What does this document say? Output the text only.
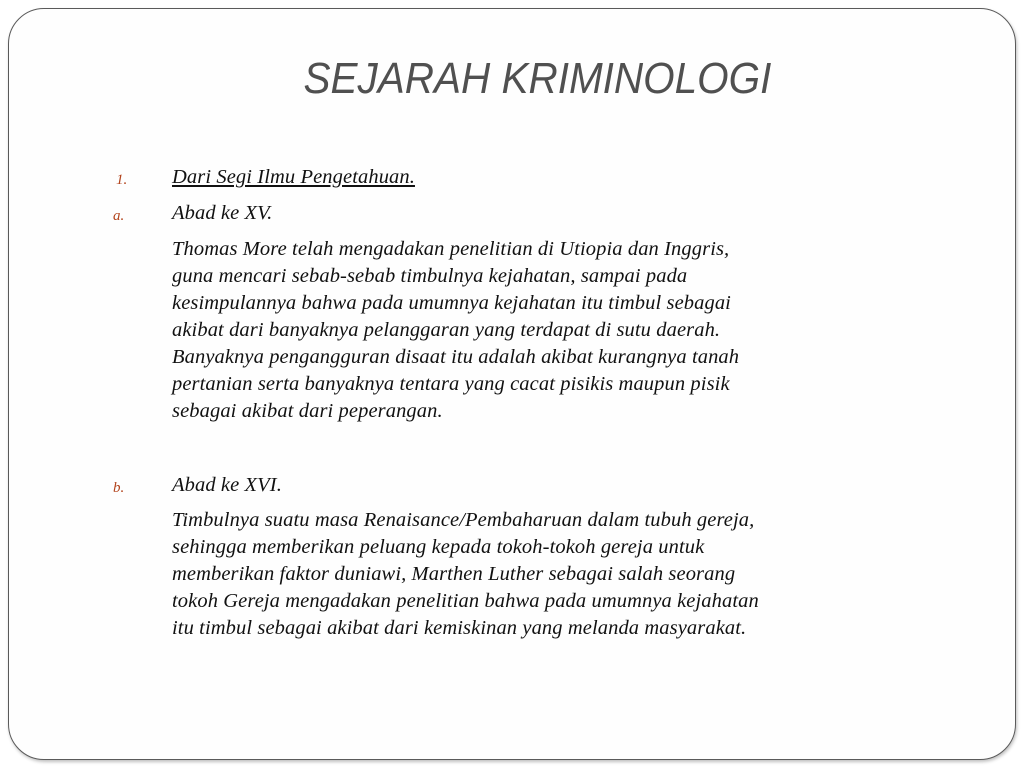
SEJARAH KRIMINOLOGI
1. Dari Segi Ilmu Pengetahuan.
a. Abad ke XV.
Thomas More telah mengadakan penelitian di Utiopia dan Inggris,
guna mencari sebab-sebab timbulnya kejahatan, sampai pada
kesimpulannya bahwa pada umumnya kejahatan itu timbul sebagai
akibat dari banyaknya pelanggaran yang terdapat di sutu daerah.
Banyaknya pengangguran disaat itu adalah akibat kurangnya tanah
pertanian serta banyaknya tentara yang cacat pisikis maupun pisik
sebagai akibat dari peperangan.
b. Abad ke XVI.
Timbulnya suatu masa Renaisance/Pembaharuan dalam tubuh gereja,
sehingga memberikan peluang kepada tokoh-tokoh gereja untuk
memberikan faktor duniawi, Marthen Luther sebagai salah seorang
tokoh Gereja mengadakan penelitian bahwa pada umumnya kejahatan
itu timbul sebagai akibat dari kemiskinan yang melanda masyarakat.
